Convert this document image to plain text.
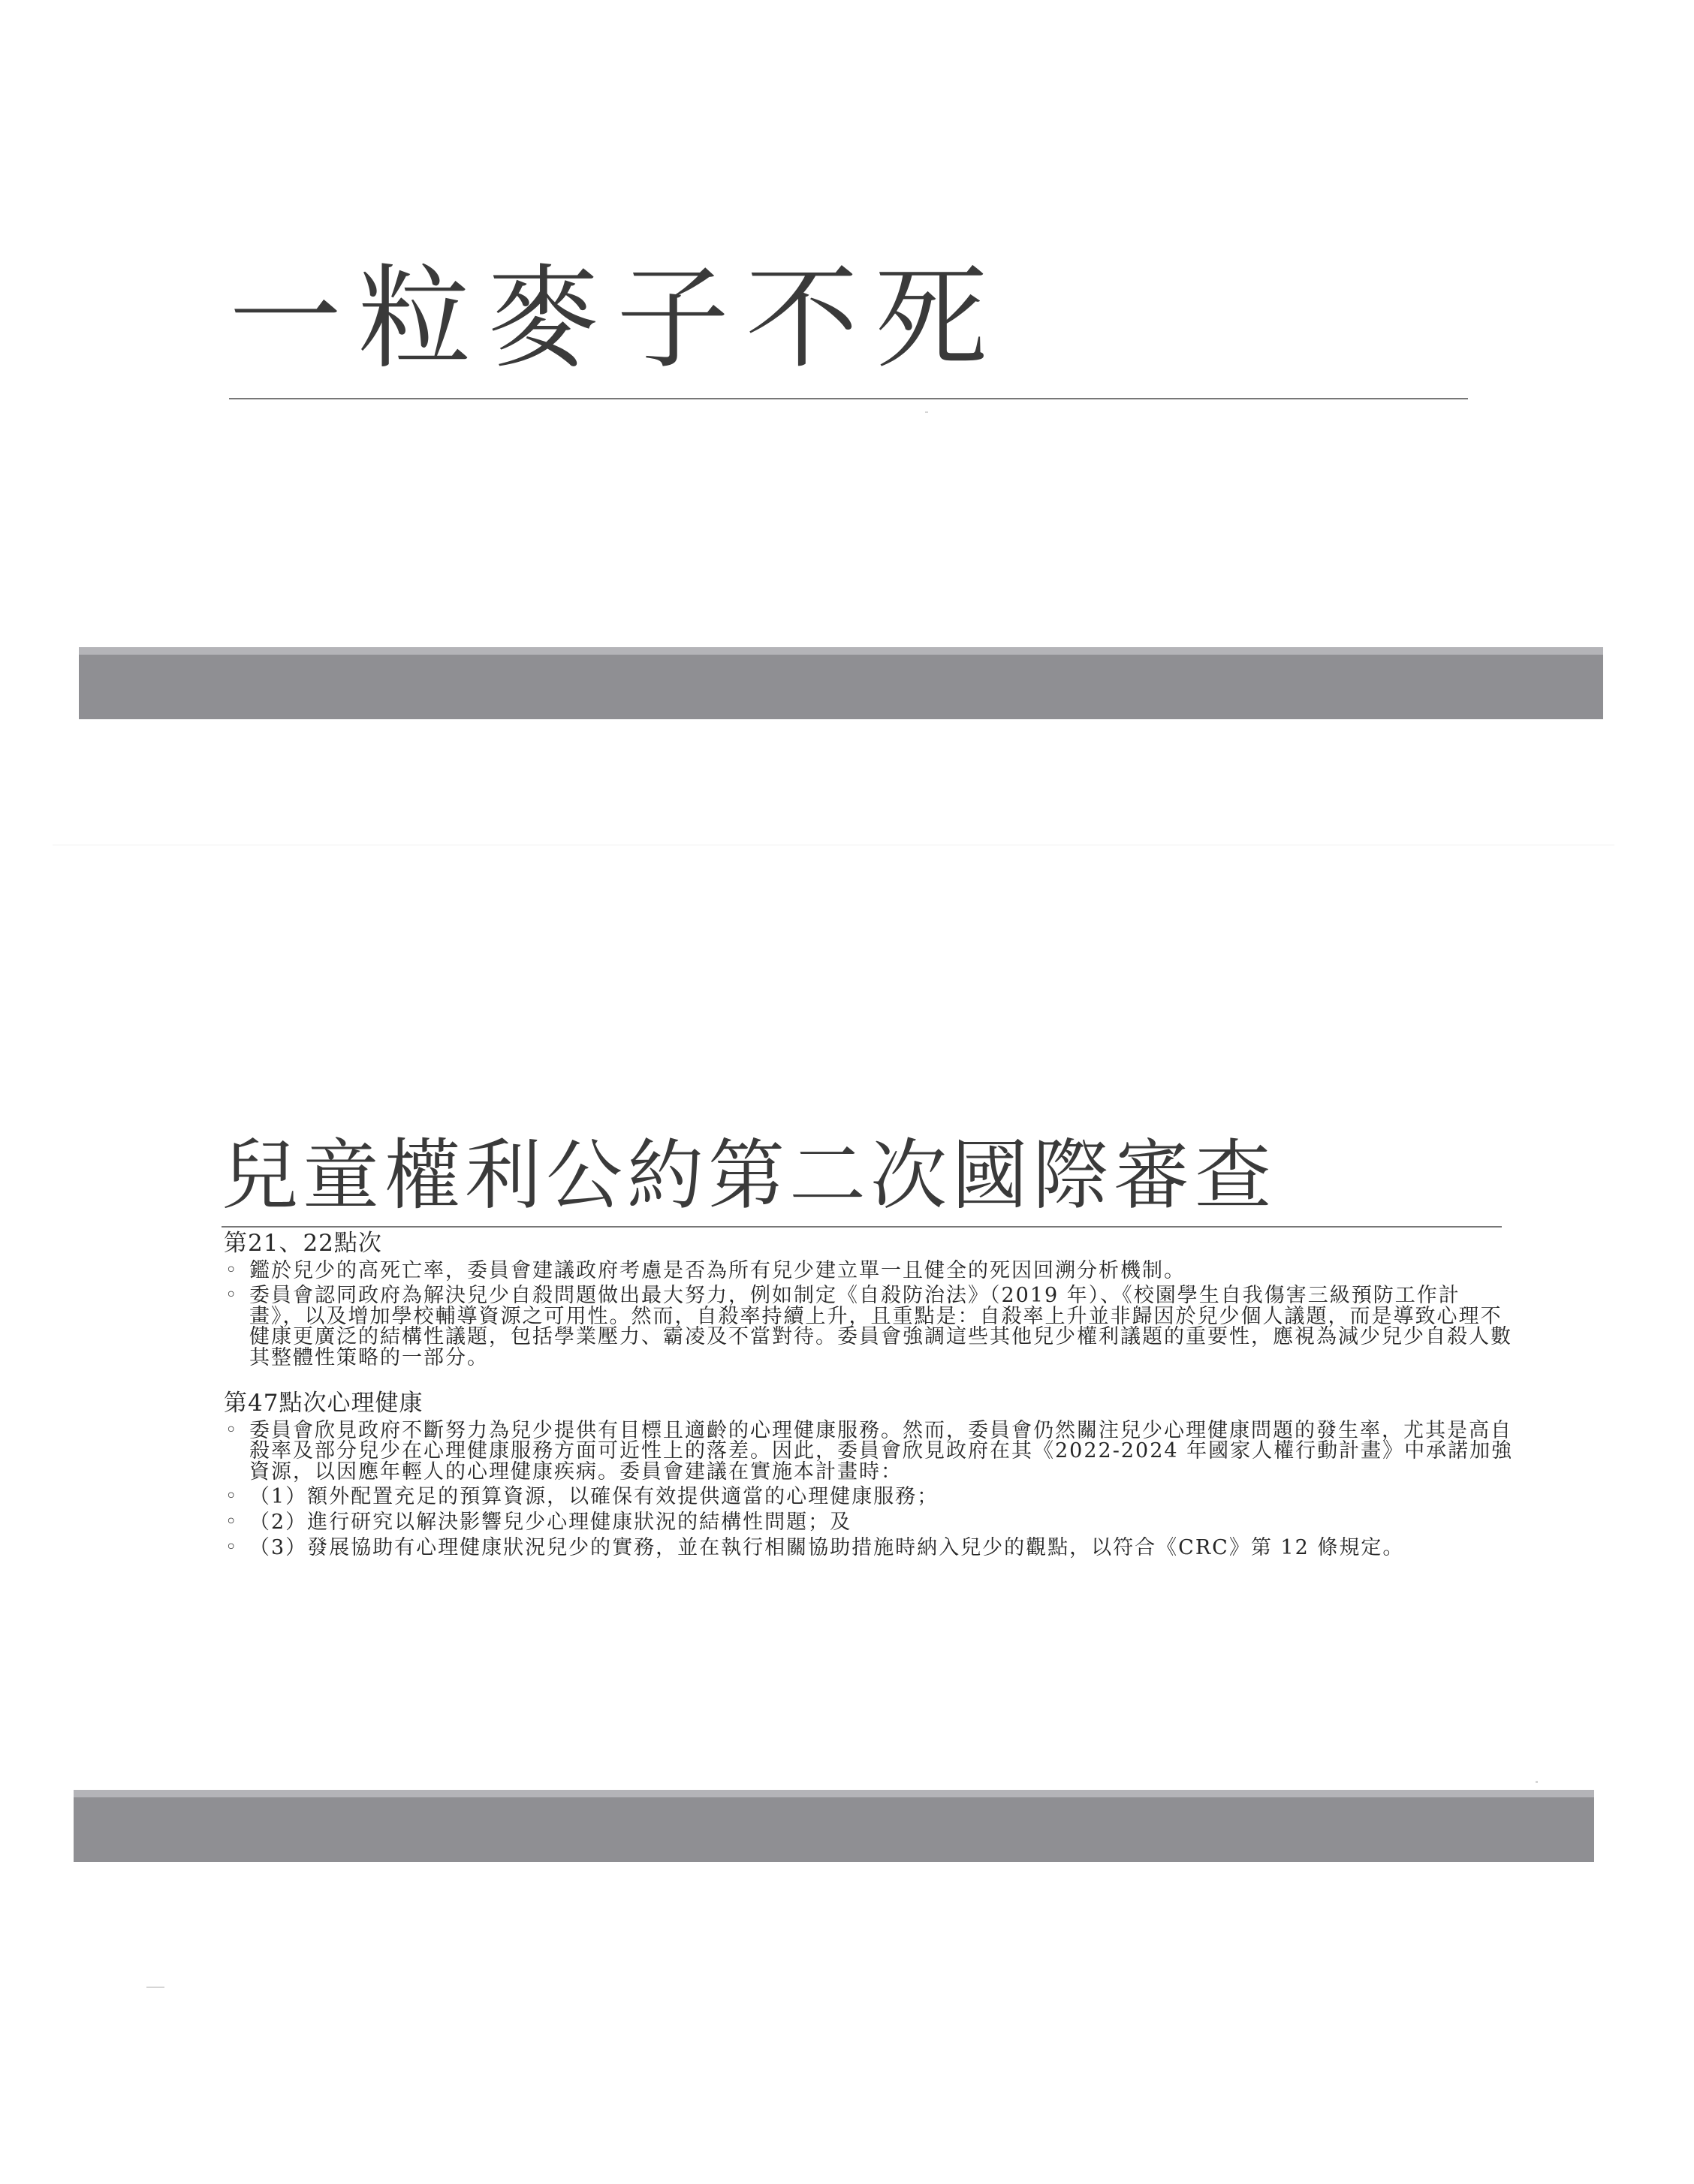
一粒麥子不死
兒童權利公約第二次國際審查
第21、22點次
◦ 鑑於兒少的高死亡率，委員會建議政府考慮是否為所有兒少建立單一且健全的死因回溯分析機制。
◦ 委員會認同政府為解決兒少自殺問題做出最大努力，例如制定《自殺防治法》（2019 年）、《校園學生自我傷害三級預防工作計畫》，以及增加學校輔導資源之可用性。然而，自殺率持續上升，且重點是：自殺率上升並非歸因於兒少個人議題，而是導致心理不健康更廣泛的結構性議題，包括學業壓力、霸凌及不當對待。委員會強調這些其他兒少權利議題的重要性，應視為減少兒少自殺人數其整體性策略的一部分。
第47點次心理健康
◦ 委員會欣見政府不斷努力為兒少提供有目標且適齡的心理健康服務。然而，委員會仍然關注兒少心理健康問題的發生率，尤其是高自殺率及部分兒少在心理健康服務方面可近性上的落差。因此，委員會欣見政府在其《2022-2024 年國家人權行動計畫》中承諾加強資源，以因應年輕人的心理健康疾病。委員會建議在實施本計畫時：
◦ （1）額外配置充足的預算資源，以確保有效提供適當的心理健康服務；
◦ （2）進行研究以解決影響兒少心理健康狀況的結構性問題；及
◦ （3）發展協助有心理健康狀況兒少的實務，並在執行相關協助措施時納入兒少的觀點，以符合《CRC》第 12 條規定。
